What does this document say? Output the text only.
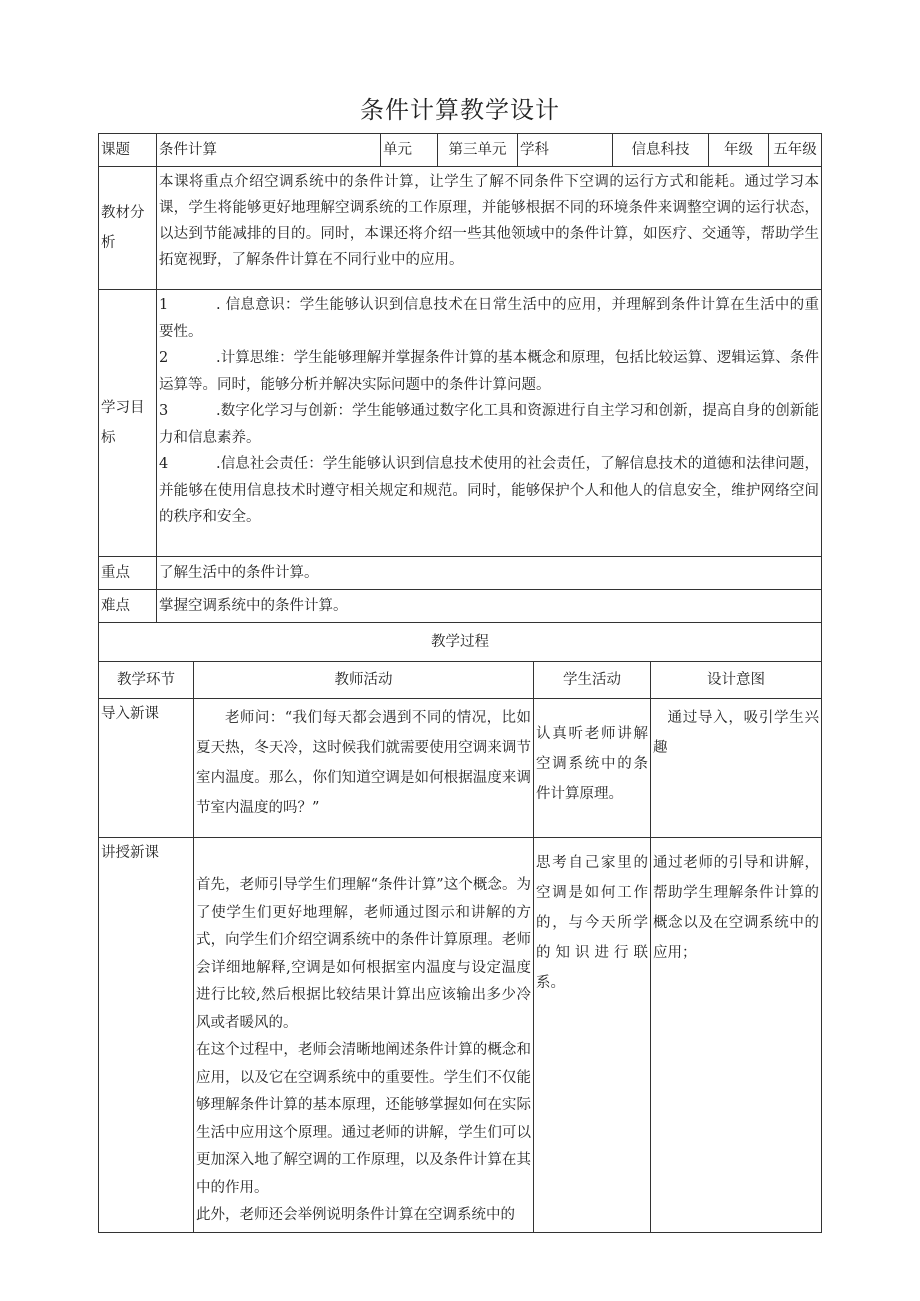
条件计算教学设计
课题	条件计算		单元	第三单元	学科		信息科技		年级	五年级
教材分析	本课将重点介绍空调系统中的条件计算，让学生了解不同条件下空调的运行方式和能耗。通过学习本课，学生将能够更好地理解空调系统的工作原理，并能够根据不同的环境条件来调整空调的运行状态，以达到节能减排的目的。同时，本课还将介绍一些其他领域中的条件计算，如医疗、交通等，帮助学生拓宽视野，了解条件计算在不同行业中的应用。									
学习目标	1 . 信息意识：学生能够认识到信息技术在日常生活中的应用，并理解到条件计算在生活中的重要性。
2 .计算思维：学生能够理解并掌握条件计算的基本概念和原理，包括比较运算、逻辑运算、条件运算等。同时，能够分析并解决实际问题中的条件计算问题。
3 .数字化学习与创新：学生能够通过数字化工具和资源进行自主学习和创新，提高自身的创新能力和信息素养。
4 .信息社会责任：学生能够认识到信息技术使用的社会责任，了解信息技术的道德和法律问题，并能够在使用信息技术时遵守相关规定和规范。同时，能够保护个人和他人的信息安全，维护网络空间的秩序和安全。									

重点	了解生活中的条件计算。									
难点	掌握空调系统中的条件计算。									
教学过程										
教学环节		教师活动				学生活动		设计意图		
导入新课		老师问：“我们每天都会遇到不同的情况，比如夏天热，冬天冷，这时候我们就需要使用空调来调节室内温度。那么，你们知道空调是如何根据温度来调节室内温度的吗？”				认真听老师讲解空调系统中的条件计算原理。		通过导入，吸引学生兴趣		
讲授新课		首先，老师引导学生们理解“条件计算”这个概念。为了使学生们更好地理解，老师通过图示和讲解的方式，向学生们介绍空调系统中的条件计算原理。老师会详细地解释,空调是如何根据室内温度与设定温度进行比较,然后根据比较结果计算出应该输出多少冷风或者暖风的。
在这个过程中，老师会清晰地阐述条件计算的概念和应用，以及它在空调系统中的重要性。学生们不仅能够理解条件计算的基本原理，还能够掌握如何在实际生活中应用这个原理。通过老师的讲解，学生们可以更加深入地了解空调的工作原理，以及条件计算在其中的作用。
此外，老师还会举例说明条件计算在空调系统中的				思考自己家里的空调是如何工作的，与今天所学的知识进行联系。		通过老师的引导和讲解，帮助学生理解条件计算的概念以及在空调系统中的应用；		
